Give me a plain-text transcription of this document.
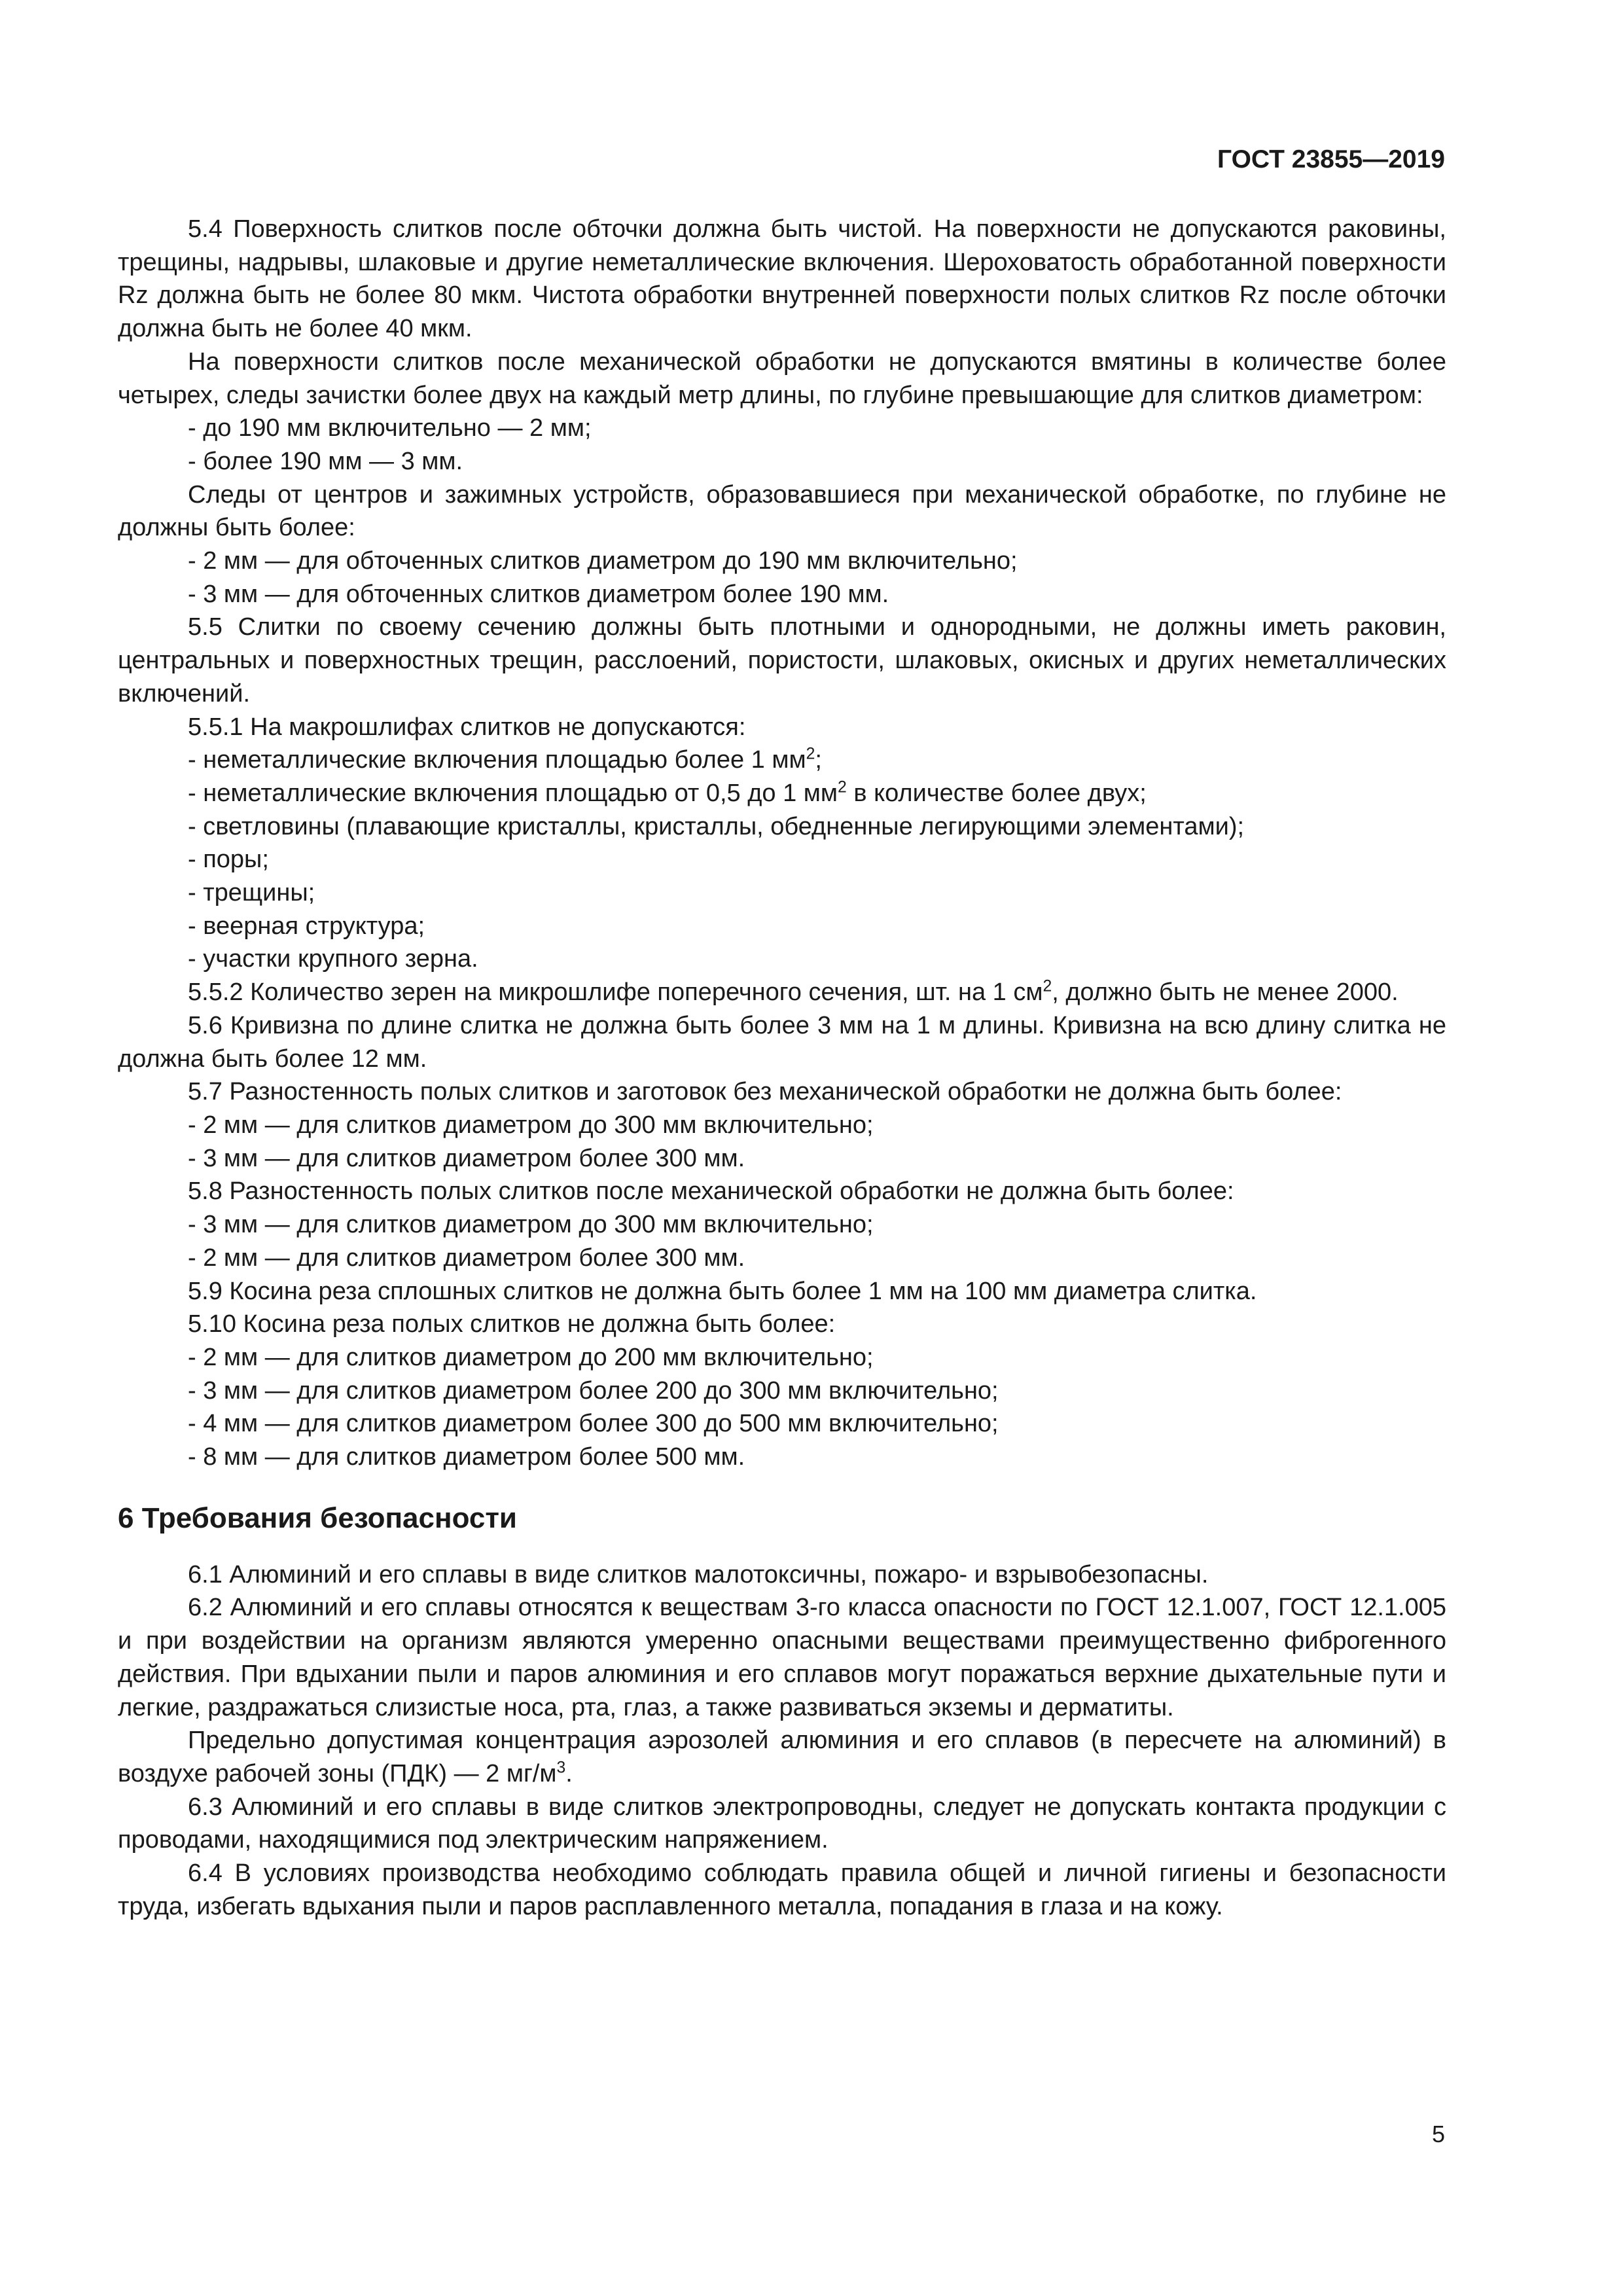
ГОСТ 23855—2019

5.4 Поверхность слитков после обточки должна быть чистой. На поверхности не допускаются раковины, трещины, надрывы, шлаковые и другие неметаллические включения. Шероховатость обработанной поверхности Rz должна быть не более 80 мкм. Чистота обработки внутренней поверхности полых слитков Rz после обточки должна быть не более 40 мкм.

На поверхности слитков после механической обработки не допускаются вмятины в количестве более четырех, следы зачистки более двух на каждый метр длины, по глубине превышающие для слитков диаметром:

- до 190 мм включительно — 2 мм;

- более 190 мм — 3 мм.

Следы от центров и зажимных устройств, образовавшиеся при механической обработке, по глубине не должны быть более:

- 2 мм — для обточенных слитков диаметром до 190 мм включительно;

- 3 мм — для обточенных слитков диаметром более 190 мм.

5.5 Слитки по своему сечению должны быть плотными и однородными, не должны иметь раковин, центральных и поверхностных трещин, расслоений, пористости, шлаковых, окисных и других неметаллических включений.

5.5.1 На макрошлифах слитков не допускаются:

- неметаллические включения площадью более 1 $мм^2$;

- неметаллические включения площадью от 0,5 до 1 $мм^2$ в количестве более двух;

- светловины (плавающие кристаллы, кристаллы, обедненные легирующими элементами);

- поры;

- трещины;

- веерная структура;

- участки крупного зерна.

5.5.2 Количество зерен на микрошлифе поперечного сечения, шт. на 1 $см^2$, должно быть не менее 2000.

5.6 Кривизна по длине слитка не должна быть более 3 мм на 1 м длины. Кривизна на всю длину слитка не должна быть более 12 мм.

5.7 Разностенность полых слитков и заготовок без механической обработки не должна быть более:

- 2 мм — для слитков диаметром до 300 мм включительно;

- 3 мм — для слитков диаметром более 300 мм.

5.8 Разностенность полых слитков после механической обработки не должна быть более:

- 3 мм — для слитков диаметром до 300 мм включительно;

- 2 мм — для слитков диаметром более 300 мм.

5.9 Косина реза сплошных слитков не должна быть более 1 мм на 100 мм диаметра слитка.

5.10 Косина реза полых слитков не должна быть более:

- 2 мм — для слитков диаметром до 200 мм включительно;

- 3 мм — для слитков диаметром более 200 до 300 мм включительно;

- 4 мм — для слитков диаметром более 300 до 500 мм включительно;

- 8 мм — для слитков диаметром более 500 мм.

6 Требования безопасности

6.1 Алюминий и его сплавы в виде слитков малотоксичны, пожаро- и взрывобезопасны.

6.2 Алюминий и его сплавы относятся к веществам 3-го класса опасности по ГОСТ 12.1.007, ГОСТ 12.1.005 и при воздействии на организм являются умеренно опасными веществами преимущественно фиброгенного действия. При вдыхании пыли и паров алюминия и его сплавов могут поражаться верхние дыхательные пути и легкие, раздражаться слизистые носа, рта, глаз, а также развиваться экземы и дерматиты.

Предельно допустимая концентрация аэрозолей алюминия и его сплавов (в пересчете на алюминий) в воздухе рабочей зоны (ПДК) — 2 $мг/м^3$.

6.3 Алюминий и его сплавы в виде слитков электропроводны, следует не допускать контакта продукции с проводами, находящимися под электрическим напряжением.

6.4 В условиях производства необходимо соблюдать правила общей и личной гигиены и безопасности труда, избегать вдыхания пыли и паров расплавленного металла, попадания в глаза и на кожу.

5
